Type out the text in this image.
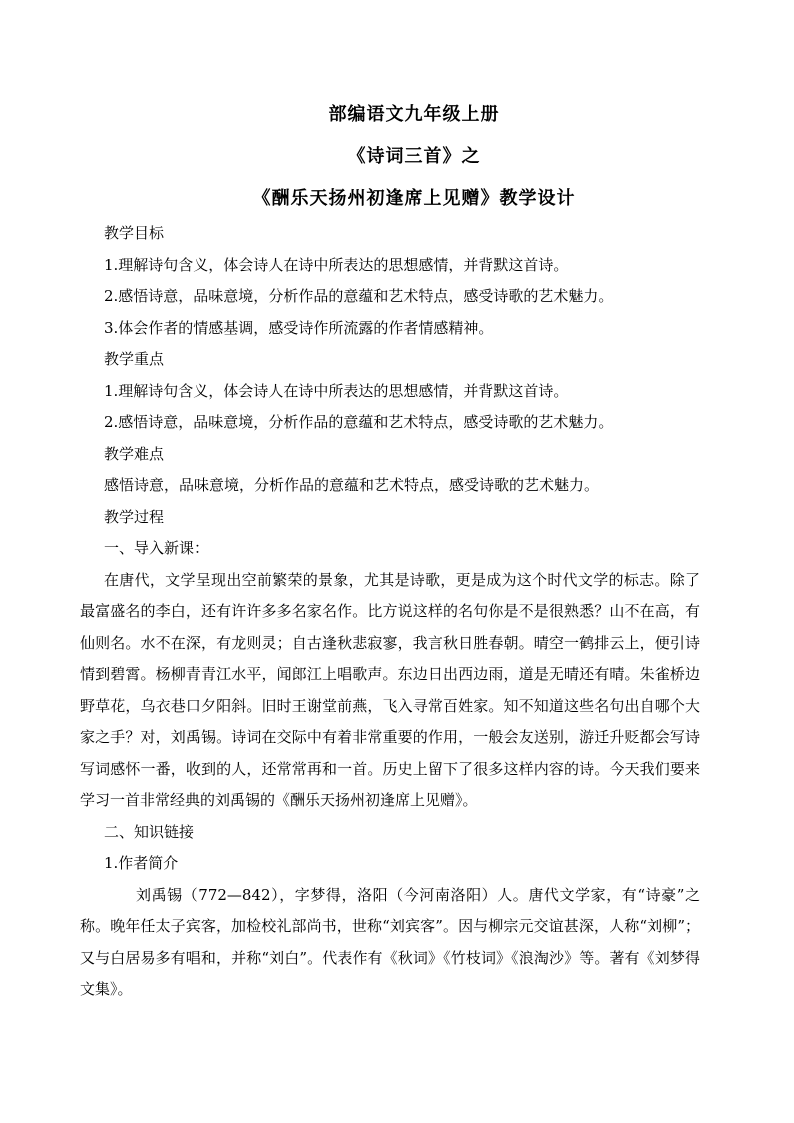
部编语文九年级上册
《诗词三首》之
《酬乐天扬州初逢席上见赠》教学设计

教学目标

1.理解诗句含义，体会诗人在诗中所表达的思想感情，并背默这首诗。

2.感悟诗意，品味意境，分析作品的意蕴和艺术特点，感受诗歌的艺术魅力。

3.体会作者的情感基调，感受诗作所流露的作者情感精神。

教学重点

1.理解诗句含义，体会诗人在诗中所表达的思想感情，并背默这首诗。

2.感悟诗意，品味意境，分析作品的意蕴和艺术特点，感受诗歌的艺术魅力。

教学难点

感悟诗意，品味意境，分析作品的意蕴和艺术特点，感受诗歌的艺术魅力。

教学过程

一、导入新课：

在唐代，文学呈现出空前繁荣的景象，尤其是诗歌，更是成为这个时代文学的标志。除了最富盛名的李白，还有许许多多名家名作。比方说这样的名句你是不是很熟悉？山不在高，有仙则名。水不在深，有龙则灵；自古逢秋悲寂寥，我言秋日胜春朝。晴空一鹤排云上，便引诗情到碧霄。杨柳青青江水平，闻郎江上唱歌声。东边日出西边雨，道是无晴还有晴。朱雀桥边野草花，乌衣巷口夕阳斜。旧时王谢堂前燕，飞入寻常百姓家。知不知道这些名句出自哪个大家之手？对，刘禹锡。诗词在交际中有着非常重要的作用，一般会友送别，游迁升贬都会写诗写词感怀一番，收到的人，还常常再和一首。历史上留下了很多这样内容的诗。今天我们要来学习一首非常经典的刘禹锡的《酬乐天扬州初逢席上见赠》。

二、知识链接

1.作者简介

刘禹锡（772—842），字梦得，洛阳（今河南洛阳）人。唐代文学家，有“诗豪”之称。晚年任太子宾客，加检校礼部尚书，世称“刘宾客”。因与柳宗元交谊甚深，人称“刘柳”；又与白居易多有唱和，并称“刘白”。代表作有《秋词》《竹枝词》《浪淘沙》等。著有《刘梦得文集》。
